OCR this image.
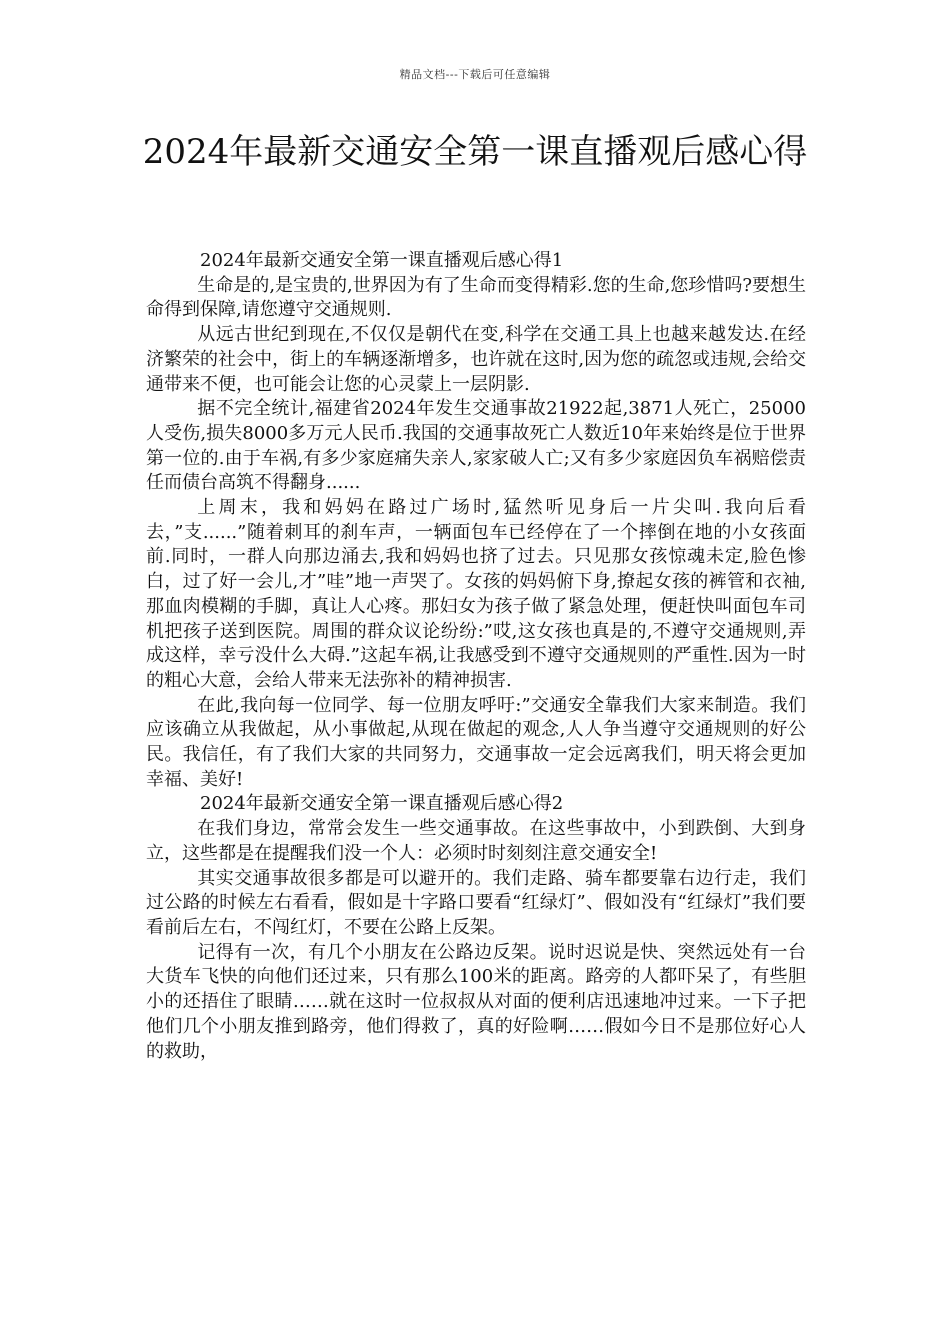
精品文档---下载后可任意编辑
2024年最新交通安全第一课直播观后感心得

2024年最新交通安全第一课直播观后感心得1

生命是的,是宝贵的,世界因为有了生命而变得精彩.您的生命,您珍惜吗?要想生命得到保障,请您遵守交通规则.

从远古世纪到现在,不仅仅是朝代在变,科学在交通工具上也越来越发达.在经济繁荣的社会中，街上的车辆逐渐增多，也许就在这时,因为您的疏忽或违规,会给交通带来不便，也可能会让您的心灵蒙上一层阴影.

据不完全统计,福建省2024年发生交通事故21922起,3871人死亡，25000人受伤,损失8000多万元人民币.我国的交通事故死亡人数近10年来始终是位于世界第一位的.由于车祸,有多少家庭痛失亲人,家家破人亡;又有多少家庭因负车祸赔偿责任而债台高筑不得翻身......

上周末，我和妈妈在路过广场时,猛然听见身后一片尖叫.我向后看去，”支......”随着刺耳的刹车声，一辆面包车已经停在了一个摔倒在地的小女孩面前.同时，一群人向那边涌去,我和妈妈也挤了过去。只见那女孩惊魂未定,脸色惨白，过了好一会儿,才”哇”地一声哭了。女孩的妈妈俯下身,撩起女孩的裤管和衣袖,那血肉模糊的手脚，真让人心疼。那妇女为孩子做了紧急处理，便赶快叫面包车司机把孩子送到医院。周围的群众议论纷纷:”哎,这女孩也真是的,不遵守交通规则,弄成这样，幸亏没什么大碍.”这起车祸,让我感受到不遵守交通规则的严重性.因为一时的粗心大意，会给人带来无法弥补的精神损害.

在此,我向每一位同学、每一位朋友呼吁:”交通安全靠我们大家来制造。我们应该确立从我做起，从小事做起,从现在做起的观念,人人争当遵守交通规则的好公民。我信任，有了我们大家的共同努力，交通事故一定会远离我们，明天将会更加幸福、美好!

2024年最新交通安全第一课直播观后感心得2

在我们身边，常常会发生一些交通事故。在这些事故中，小到跌倒、大到身立，这些都是在提醒我们没一个人：必须时时刻刻注意交通安全!

其实交通事故很多都是可以避开的。我们走路、骑车都要靠右边行走，我们过公路的时候左右看看，假如是十字路口要看“红绿灯”、假如没有“红绿灯”我们要看前后左右，不闯红灯，不要在公路上反架。

记得有一次，有几个小朋友在公路边反架。说时迟说是快、突然远处有一台大货车飞快的向他们还过来，只有那么100米的距离。路旁的人都吓呆了，有些胆小的还捂住了眼睛……就在这时一位叔叔从对面的便利店迅速地冲过来。一下子把他们几个小朋友推到路旁，他们得救了，真的好险啊……假如今日不是那位好心人的救助，
